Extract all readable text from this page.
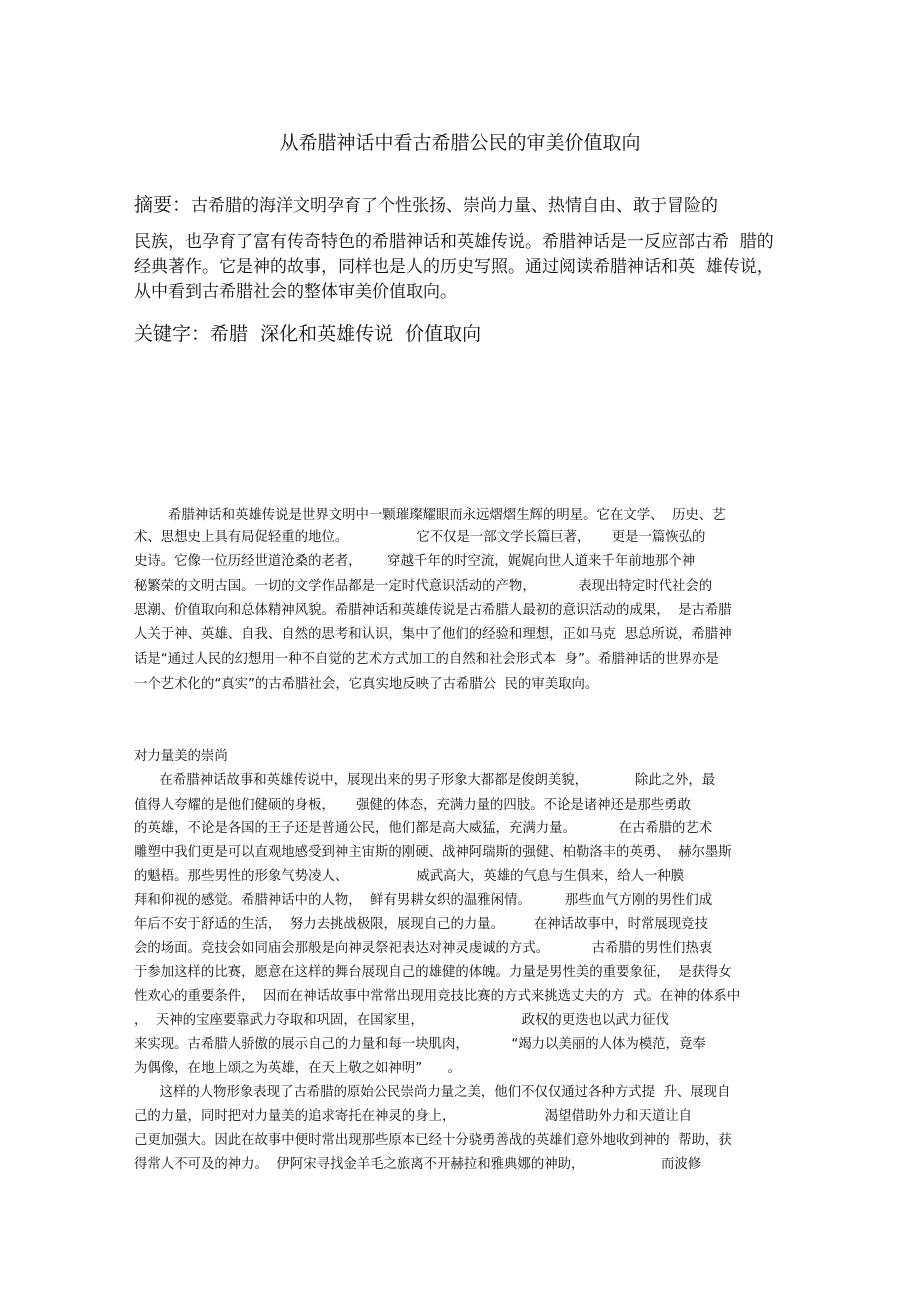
从希腊神话中看古希腊公民的审美价值取向
摘要：古希腊的海洋文明孕育了个性张扬、崇尚力量、热情自由、敢于冒险的
民族，也孕育了富有传奇特色的希腊神话和英雄传说。希腊神话是一反应部古希  腊的
经典著作。它是神的故事，同样也是人的历史写照。通过阅读希腊神话和英  雄传说，
从中看到古希腊社会的整体审美价值取向。
关键字：希腊  深化和英雄传说  价值取向
希腊神话和英雄传说是世界文明中一颗璀璨耀眼而永远熠熠生辉的明星。它在文学、  历史、艺
术、思想史上具有局促轻重的地位。                它不仅是一部文学长篇巨著，     更是一篇恢弘的
史诗。它像一位历经世道沧桑的老者，      穿越千年的时空流，娓娓向世人道来千年前地那个神
秘繁荣的文明古国。一切的文学作品都是一定时代意识活动的产物，          表现出特定时代社会的
思潮、价值取向和总体精神风貌。希腊神话和英雄传说是古希腊人最初的意识活动的成果，  是古希腊
人关于神、英雄、自我、自然的思考和认识，集中了他们的经验和理想，正如马克  思总所说，希腊神
话是“通过人民的幻想用一种不自觉的艺术方式加工的自然和社会形式本  身”。希腊神话的世界亦是
一个艺术化的“真实”的古希腊社会，它真实地反映了古希腊公  民的审美取向。
对力量美的崇尚
在希腊神话故事和英雄传说中，展现出来的男子形象大都都是俊朗美貌，           除此之外，最
值得人夸耀的是他们健硕的身板，     强健的体态，充满力量的四肢。不论是诸神还是那些勇敢
的英雄，不论是各国的王子还是普通公民，他们都是高大威猛，充满力量。          在古希腊的艺术
雕塑中我们更是可以直观地感受到神主宙斯的刚硬、战神阿瑞斯的强健、柏勒洛丰的英勇、  赫尔墨斯
的魁梧。那些男性的形象气势凌人、                威武高大，英雄的气息与生俱来，给人一种膜
拜和仰视的感觉。希腊神话中的人物，  鲜有男耕女织的温雅闲情。        那些血气方刚的男性们成
年后不安于舒适的生活，  努力去挑战极限，展现自己的力量。       在神话故事中，时常展现竞技
会的场面。竞技会如同庙会那般是向神灵祭祀表达对神灵虔诚的方式。          古希腊的男性们热衷
于参加这样的比赛，愿意在这样的舞台展现自己的雄健的体魄。力量是男性美的重要象征，  是获得女
性欢心的重要条件，  因而在神话故事中常常出现用竞技比赛的方式来挑选丈夫的方  式。在神的体系中
，  天神的宝座要靠武力夺取和巩固，在国家里，                       政权的更迭也以武力征伐
来实现。古希腊人骄傲的展示自己的力量和每一块肌肉，          “竭力以美丽的人体为模范，竟奉
为偶像，在地上颂之为英雄，在天上敬之如神明”      。
这样的人物形象表现了古希腊的原始公民崇尚力量之美，他们不仅仅通过各种方式提  升、展现自
己的力量，同时把对力量美的追求寄托在神灵的身上，                     渴望借助外力和天道让自
己更加强大。因此在故事中便时常出现那些原本已经十分骁勇善战的英雄们意外地收到神的  帮助，获
得常人不可及的神力。  伊阿宋寻找金羊毛之旅离不开赫拉和雅典娜的神助，                  而波修
